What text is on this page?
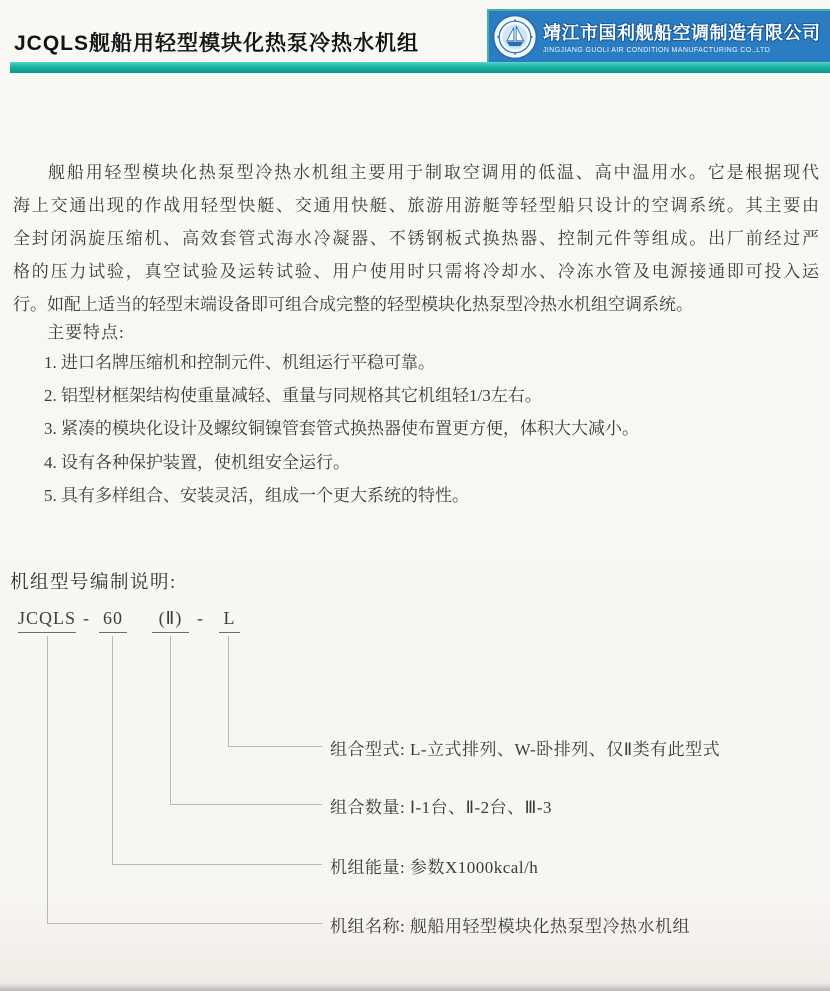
JCQLS舰船用轻型模块化热泵冷热水机组	靖江市国利舰船空调制造有限公司
JINGJIANG GUOLI AIR CONDITION MANUFACTURING CO.,LTD
舰船用轻型模块化热泵型冷热水机组主要用于制取空调用的低温、高中温用水。它是根据现代
海上交通出现的作战用轻型快艇、交通用快艇、旅游用游艇等轻型船只设计的空调系统。其主要由
全封闭涡旋压缩机、高效套管式海水冷凝器、不锈钢板式换热器、控制元件等组成。出厂前经过严
格的压力试验，真空试验及运转试验、用户使用时只需将冷却水、冷冻水管及电源接通即可投入运
行。如配上适当的轻型末端设备即可组合成完整的轻型模块化热泵型冷热水机组空调系统。
主要特点:
1. 进口名牌压缩机和控制元件、机组运行平稳可靠。
2. 铝型材框架结构使重量减轻、重量与同规格其它机组轻1/3左右。
3. 紧凑的模块化设计及螺纹铜镍管套管式换热器使布置更方便，体积大大减小。
4. 设有各种保护装置，使机组安全运行。
5. 具有多样组合、安装灵活，组成一个更大系统的特性。
机组型号编制说明:
JCQLS - 60	(Ⅱ) - L
组合型式: L-立式排列、W-卧排列、仅Ⅱ类有此型式
组合数量: Ⅰ-1台、Ⅱ-2台、Ⅲ-3
机组能量: 参数X1000kcal/h
机组名称: 舰船用轻型模块化热泵型冷热水机组
